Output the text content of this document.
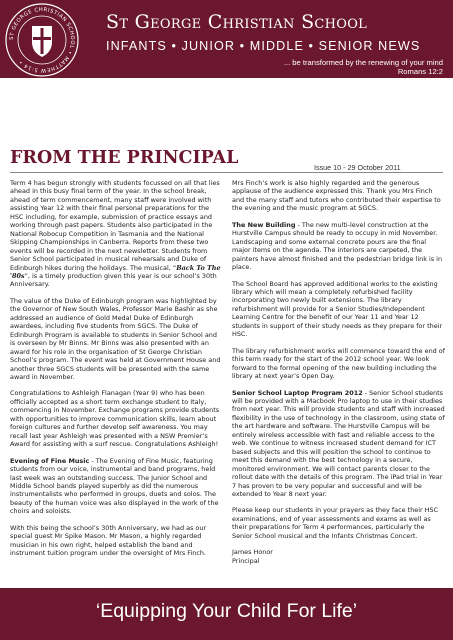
ST GEORGE CHRISTIAN SCHOOL • MATTHEW 5:14 •
St George Christian School
INFANTS • JUNIOR • MIDDLE • SENIOR NEWS
... be transformed by the renewing of your mind
Romans 12:2
FROM THE PRINCIPAL	Issue 10 - 29 October 2011

Term 4 has begun strongly with students focussed on all that lies ahead in this busy final term of the year. In the school break, ahead of term commencement, many staff were involved with assisting Year 12 with their final personal preparations for the HSC including, for example, submission of practice essays and working through past papers. Students also participated in the National Robocup Competition in Tasmania and the National Skipping Championships in Canberra. Reports from these two events will be recorded in the next newsletter. Students from Senior School participated in musical rehearsals and Duke of Edinburgh hikes during the holidays. The musical, “Back To The '80s”, is a timely production given this year is our school’s 30th Anniversary.

The value of the Duke of Edinburgh program was highlighted by the Governor of New South Wales, Professor Marie Bashir as she addressed an audience of Gold Medal Duke of Edinburgh awardees, including five students from SGCS. The Duke of Edinburgh Program is available to students in Senior School and is overseen by Mr Binns. Mr Binns was also presented with an award for his role in the organisation of St George Christian School’s program. The event was held at Government House and another three SGCS students will be presented with the same award in November.

Congratulations to Ashleigh Flanagan (Year 9) who has been officially accepted as a short term exchange student to Italy, commencing in November. Exchange programs provide students with opportunities to improve communication skills, learn about foreign cultures and further develop self awareness. You may recall last year Ashleigh was presented with a NSW Premier’s Award for assisting with a surf rescue. Congratulations Ashleigh!

Evening of Fine Music - The Evening of Fine Music, featuring students from our voice, instrumental and band programs, held last week was an outstanding success. The Junior School and Middle School bands played superbly as did the numerous instrumentalists who performed in groups, duets and solos. The beauty of the human voice was also displayed in the work of the choirs and soloists.

With this being the school’s 30th Anniversary, we had as our special guest Mr Spike Mason. Mr Mason, a highly regarded musician in his own right, helped establish the band and instrument tuition program under the oversight of Mrs Finch.

Mrs Finch’s work is also highly regarded and the generous applause of the audience expressed this. Thank you Mrs Finch and the many staff and tutors who contributed their expertise to the evening and the music program at SGCS.

The New Building - The new multi-level construction at the Hurstville Campus should be ready to occupy in mid November. Landscaping and some external concrete pours are the final major items on the agenda. The interiors are carpeted, the painters have almost finished and the pedestrian bridge link is in place.

The School Board has approved additional works to the existing library which will mean a completely refurbished facility incorporating two newly built extensions. The library refurbishment will provide for a Senior Studies/Independent Learning Centre for the benefit of our Year 11 and Year 12 students in support of their study needs as they prepare for their HSC.

The library refurbishment works will commence toward the end of this term ready for the start of the 2012 school year. We look forward to the formal opening of the new building including the library at next year’s Open Day.

Senior School Laptop Program 2012 - Senior School students will be provided with a Macbook Pro laptop to use in their studies from next year. This will provide students and staff with increased flexibility in the use of technology in the classroom, using state of the art hardware and software. The Hurstville Campus will be entirely wireless accessible with fast and reliable access to the web. We continue to witness increased student demand for ICT based subjects and this will position the school to continue to meet this demand with the best technology in a secure, monitored environment. We will contact parents closer to the rollout date with the details of this program. The iPad trial in Year 7 has proven to be very popular and successful and will be extended to Year 8 next year.

Please keep our students in your prayers as they face their HSC examinations, end of year assessments and exams as well as their preparations for Term 4 performances, particularly the Senior School musical and the Infants Christmas Concert.

James Honor
Principal

‘Equipping Your Child For Life’
